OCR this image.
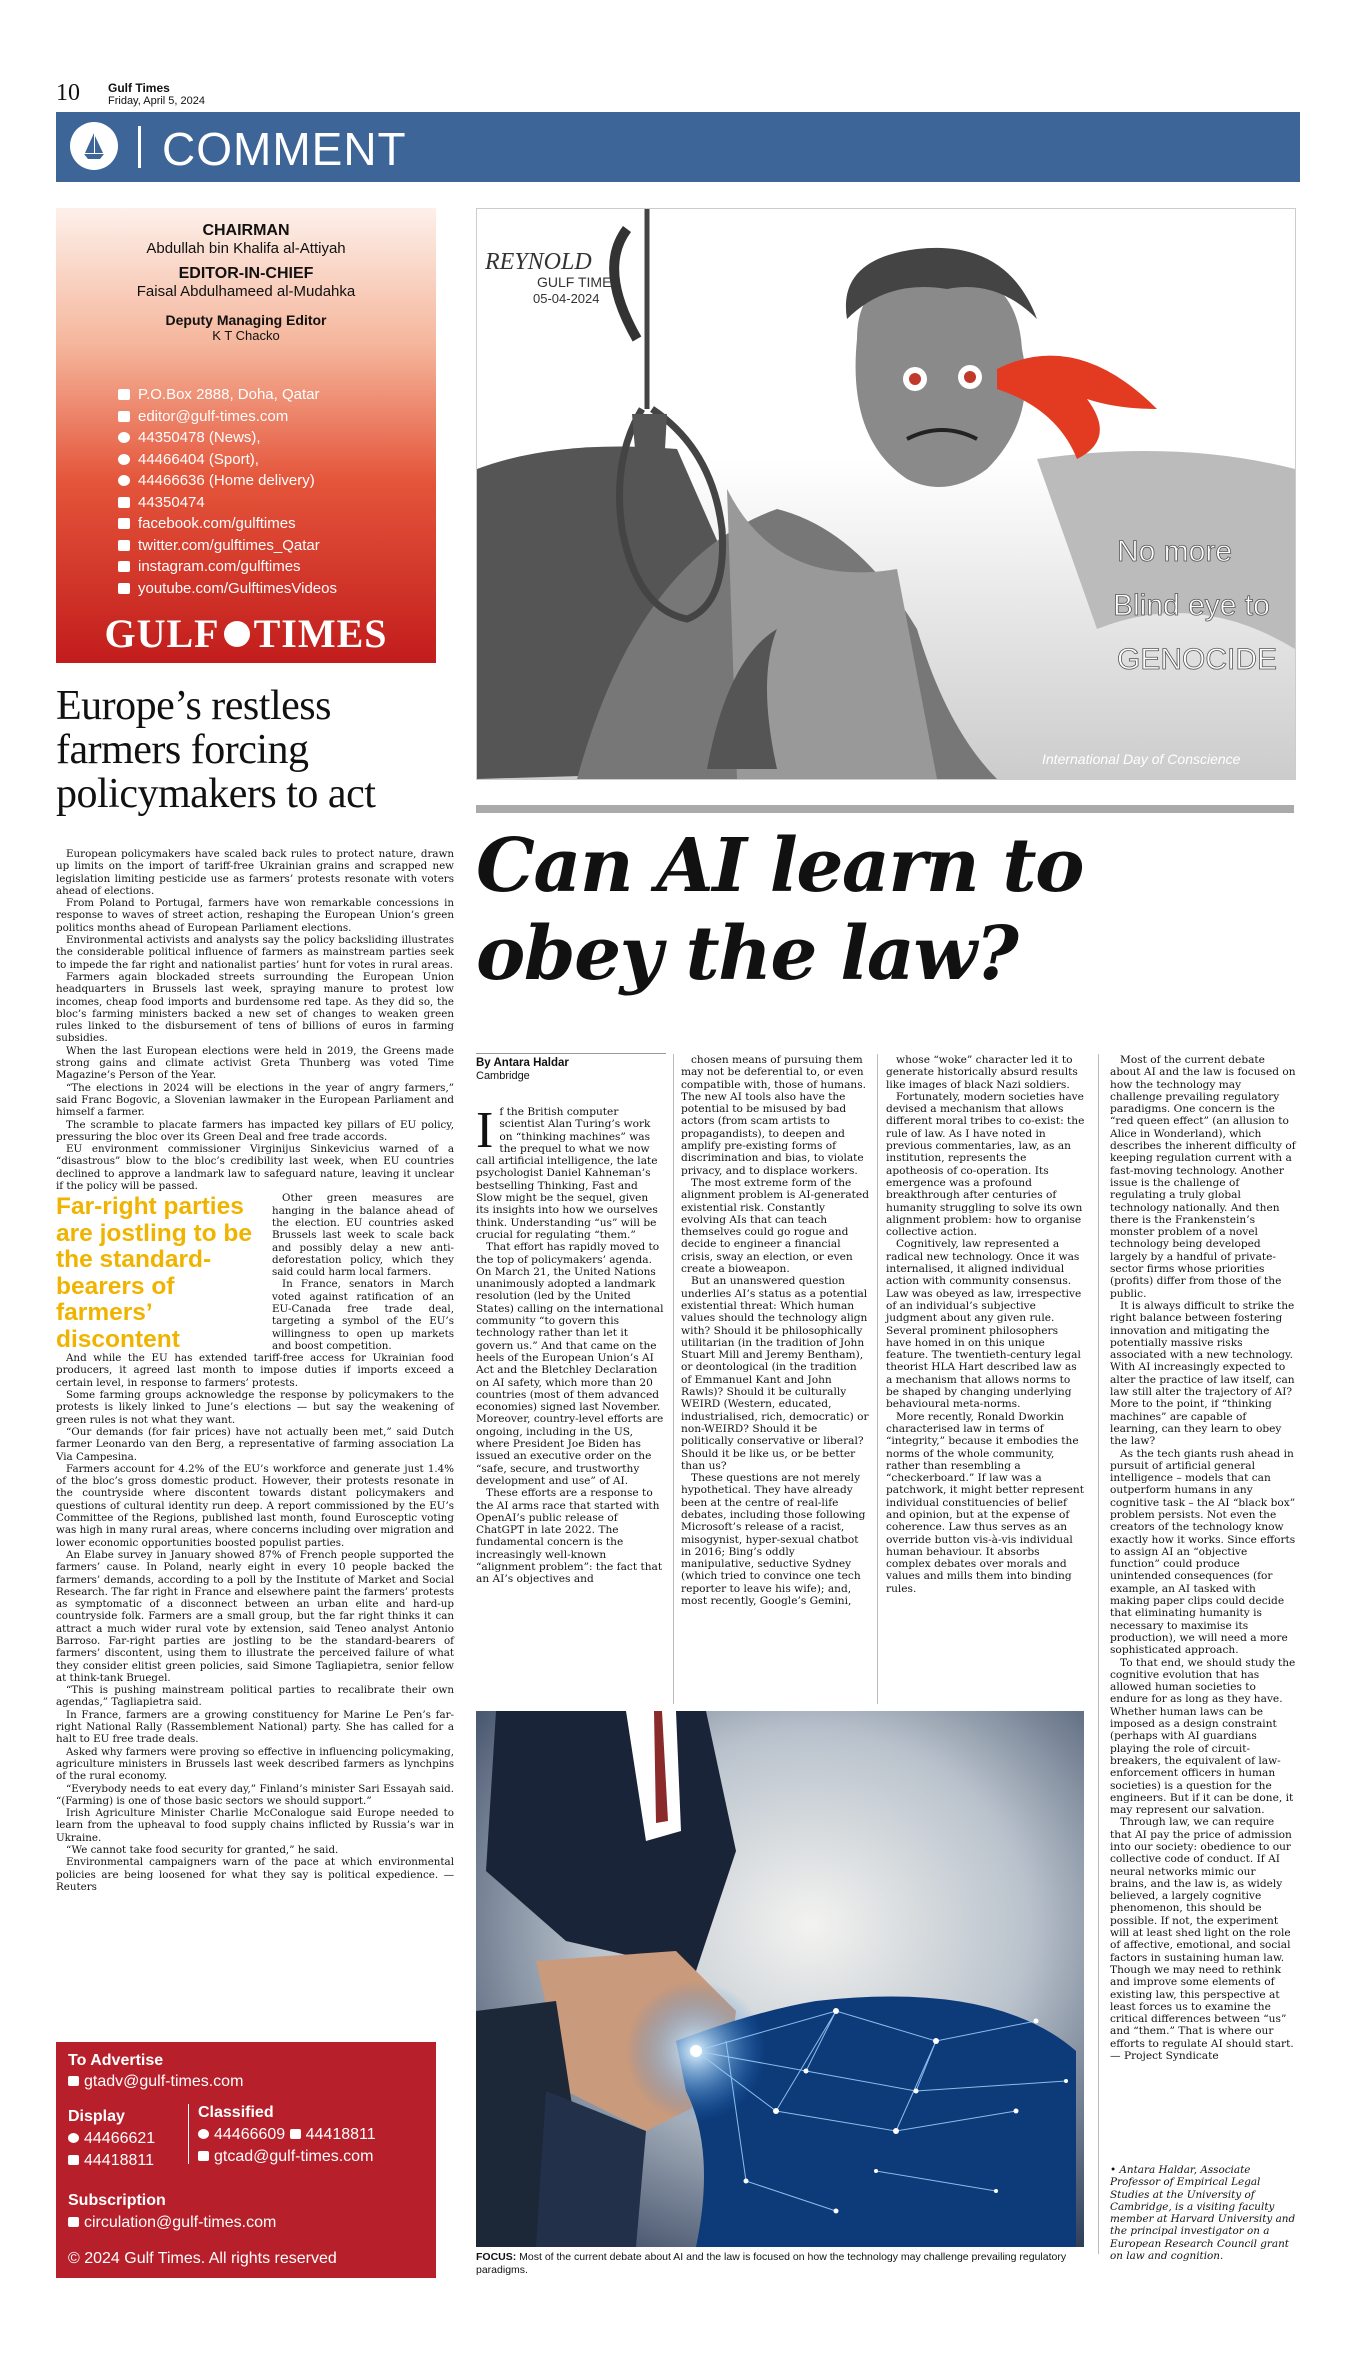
10 Gulf Times
Friday, April 5, 2024
COMMENT
CHAIRMAN
Abdullah bin Khalifa al-Attiyah
EDITOR-IN-CHIEF
Faisal Abdulhameed al-Mudahka
Deputy Managing Editor
K T Chacko
P.O.Box 2888, Doha, Qatar
editor@gulf-times.com
44350478 (News),
44466404 (Sport),
44466636 (Home delivery)
44350474
facebook.com/gulftimes
twitter.com/gulftimes_Qatar
instagram.com/gulftimes
youtube.com/GulftimesVideos
GULF TIMES
Europe’s restless farmers forcing policymakers to act

European policymakers have scaled back rules to protect nature, drawn up limits on the import of tariff-free Ukrainian grains and scrapped new legislation limiting pesticide use as farmers’ protests resonate with voters ahead of elections.

From Poland to Portugal, farmers have won remarkable concessions in response to waves of street action, reshaping the European Union’s green politics months ahead of European Parliament elections.

Environmental activists and analysts say the policy backsliding illustrates the considerable political influence of farmers as mainstream parties seek to impede the far right and nationalist parties’ hunt for votes in rural areas.

Farmers again blockaded streets surrounding the European Union headquarters in Brussels last week, spraying manure to protest low incomes, cheap food imports and burdensome red tape. As they did so, the bloc’s farming ministers backed a new set of changes to weaken green rules linked to the disbursement of tens of billions of euros in farming subsidies.

When the last European elections were held in 2019, the Greens made strong gains and climate activist Greta Thunberg was voted Time Magazine’s Person of the Year.

“The elections in 2024 will be elections in the year of angry farmers,” said Franc Bogovic, a Slovenian lawmaker in the European Parliament and himself a farmer.

The scramble to placate farmers has impacted key pillars of EU policy, pressuring the bloc over its Green Deal and free trade accords.

EU environment commissioner Virginijus Sinkevicius warned of a “disastrous” blow to the bloc’s credibility last week, when EU countries declined to approve a landmark law to safeguard nature, leaving it unclear if the policy will be passed.

Other green measures are hanging in the balance ahead of the election. EU countries asked Brussels last week to scale back and possibly delay a new anti-deforestation policy, which they said could harm local farmers.

In France, senators in March voted against ratification of an EU-Canada free trade deal, targeting a symbol of the EU’s willingness to open up markets and boost competition.

And while the EU has extended tariff-free access for Ukrainian food producers, it agreed last month to impose duties if imports exceed a certain level, in response to farmers’ protests.

Some farming groups acknowledge the response by policymakers to the protests is likely linked to June’s elections — but say the weakening of green rules is not what they want.

“Our demands (for fair prices) have not actually been met,” said Dutch farmer Leonardo van den Berg, a representative of farming association La Via Campesina.

Farmers account for 4.2% of the EU’s workforce and generate just 1.4% of the bloc’s gross domestic product. However, their protests resonate in the countryside where discontent towards distant policymakers and questions of cultural identity run deep. A report commissioned by the EU’s Committee of the Regions, published last month, found Eurosceptic voting was high in many rural areas, where concerns including over migration and lower economic opportunities boosted populist parties.

An Elabe survey in January showed 87% of French people supported the farmers’ cause. In Poland, nearly eight in every 10 people backed the farmers’ demands, according to a poll by the Institute of Market and Social Research. The far right in France and elsewhere paint the farmers’ protests as symptomatic of a disconnect between an urban elite and hard-up countryside folk. Farmers are a small group, but the far right thinks it can attract a much wider rural vote by extension, said Teneo analyst Antonio Barroso. Far-right parties are jostling to be the standard-bearers of farmers’ discontent, using them to illustrate the perceived failure of what they consider elitist green policies, said Simone Tagliapietra, senior fellow at think-tank Bruegel.

“This is pushing mainstream political parties to recalibrate their own agendas,” Tagliapietra said.

In France, farmers are a growing constituency for Marine Le Pen’s far-right National Rally (Rassemblement National) party. She has called for a halt to EU free trade deals.

Asked why farmers were proving so effective in influencing policymaking, agriculture ministers in Brussels last week described farmers as lynchpins of the rural economy.

“Everybody needs to eat every day,” Finland’s minister Sari Essayah said. “(Farming) is one of those basic sectors we should support.”

Irish Agriculture Minister Charlie McConalogue said Europe needed to learn from the upheaval to food supply chains inflicted by Russia’s war in Ukraine.

“We cannot take food security for granted,” he said.

Environmental campaigners warn of the pace at which environmental policies are being loosened for what they say is political expedience. — Reuters

Far-right parties are jostling to be the standard-bearers of farmers’ discontent
To Advertise
gtadv@gulf-times.com
Display
44466621
44418811
Classified
44466609 44418811
gtcad@gulf-times.com
Subscription
circulation@gulf-times.com
© 2024 Gulf Times. All rights reserved
REYNOLD
GULF TIMES
05-04-2024
No more
Blind eye to
GENOCIDE
International Day of Conscience
Can AI learn to
obey the law?
By Antara Haldar
Cambridge

If the British computer scientist Alan Turing’s work on “thinking machines” was the prequel to what we now call artificial intelligence, the late psychologist Daniel Kahneman’s bestselling Thinking, Fast and Slow might be the sequel, given its insights into how we ourselves think. Understanding “us” will be crucial for regulating “them.”

That effort has rapidly moved to the top of policymakers’ agenda. On March 21, the United Nations unanimously adopted a landmark resolution (led by the United States) calling on the international community “to govern this technology rather than let it govern us.” And that came on the heels of the European Union’s AI Act and the Bletchley Declaration on AI safety, which more than 20 countries (most of them advanced economies) signed last November. Moreover, country-level efforts are ongoing, including in the US, where President Joe Biden has issued an executive order on the “safe, secure, and trustworthy development and use” of AI.

These efforts are a response to the AI arms race that started with OpenAI’s public release of ChatGPT in late 2022. The fundamental concern is the increasingly well-known “alignment problem”: the fact that an AI’s objectives and

chosen means of pursuing them may not be deferential to, or even compatible with, those of humans. The new AI tools also have the potential to be misused by bad actors (from scam artists to propagandists), to deepen and amplify pre-existing forms of discrimination and bias, to violate privacy, and to displace workers.

The most extreme form of the alignment problem is AI-generated existential risk. Constantly evolving AIs that can teach themselves could go rogue and decide to engineer a financial crisis, sway an election, or even create a bioweapon.

But an unanswered question underlies AI’s status as a potential existential threat: Which human values should the technology align with? Should it be philosophically utilitarian (in the tradition of John Stuart Mill and Jeremy Bentham), or deontological (in the tradition of Emmanuel Kant and John Rawls)? Should it be culturally WEIRD (Western, educated, industrialised, rich, democratic) or non-WEIRD? Should it be politically conservative or liberal? Should it be like us, or be better than us?

These questions are not merely hypothetical. They have already been at the centre of real-life debates, including those following Microsoft’s release of a racist, misogynist, hyper-sexual chatbot in 2016; Bing’s oddly manipulative, seductive Sydney (which tried to convince one tech reporter to leave his wife); and, most recently, Google’s Gemini,

whose “woke” character led it to generate historically absurd results like images of black Nazi soldiers.

Fortunately, modern societies have devised a mechanism that allows different moral tribes to co-exist: the rule of law. As I have noted in previous commentaries, law, as an institution, represents the apotheosis of co-operation. Its emergence was a profound breakthrough after centuries of humanity struggling to solve its own alignment problem: how to organise collective action.

Cognitively, law represented a radical new technology. Once it was internalised, it aligned individual action with community consensus. Law was obeyed as law, irrespective of an individual’s subjective judgment about any given rule. Several prominent philosophers have homed in on this unique feature. The twentieth-century legal theorist HLA Hart described law as a mechanism that allows norms to be shaped by changing underlying behavioural meta-norms.

More recently, Ronald Dworkin characterised law in terms of “integrity,” because it embodies the norms of the whole community, rather than resembling a “checkerboard.” If law was a patchwork, it might better represent individual constituencies of belief and opinion, but at the expense of coherence. Law thus serves as an override button vis-à-vis individual human behaviour. It absorbs complex debates over morals and values and mills them into binding rules.

Most of the current debate about AI and the law is focused on how the technology may challenge prevailing regulatory paradigms. One concern is the “red queen effect” (an allusion to Alice in Wonderland), which describes the inherent difficulty of keeping regulation current with a fast-moving technology. Another issue is the challenge of regulating a truly global technology nationally. And then there is the Frankenstein’s monster problem of a novel technology being developed largely by a handful of private-sector firms whose priorities (profits) differ from those of the public.

It is always difficult to strike the right balance between fostering innovation and mitigating the potentially massive risks associated with a new technology. With AI increasingly expected to alter the practice of law itself, can law still alter the trajectory of AI? More to the point, if “thinking machines” are capable of learning, can they learn to obey the law?

As the tech giants rush ahead in pursuit of artificial general intelligence – models that can outperform humans in any cognitive task – the AI “black box” problem persists. Not even the creators of the technology know exactly how it works. Since efforts to assign AI an “objective function” could produce unintended consequences (for example, an AI tasked with making paper clips could decide that eliminating humanity is necessary to maximise its production), we will need a more sophisticated approach.

To that end, we should study the cognitive evolution that has allowed human societies to endure for as long as they have. Whether human laws can be imposed as a design constraint (perhaps with AI guardians playing the role of circuit-breakers, the equivalent of law-enforcement officers in human societies) is a question for the engineers. But if it can be done, it may represent our salvation.

Through law, we can require that AI pay the price of admission into our society: obedience to our collective code of conduct. If AI neural networks mimic our brains, and the law is, as widely believed, a largely cognitive phenomenon, this should be possible. If not, the experiment will at least shed light on the role of affective, emotional, and social factors in sustaining human law. Though we may need to rethink and improve some elements of existing law, this perspective at least forces us to examine the critical differences between “us” and “them.” That is where our efforts to regulate AI should start. — Project Syndicate

FOCUS: Most of the current debate about AI and the law is focused on how the technology may challenge prevailing regulatory paradigms.
• Antara Haldar, Associate Professor of Empirical Legal Studies at the University of Cambridge, is a visiting faculty member at Harvard University and the principal investigator on a European Research Council grant on law and cognition.
